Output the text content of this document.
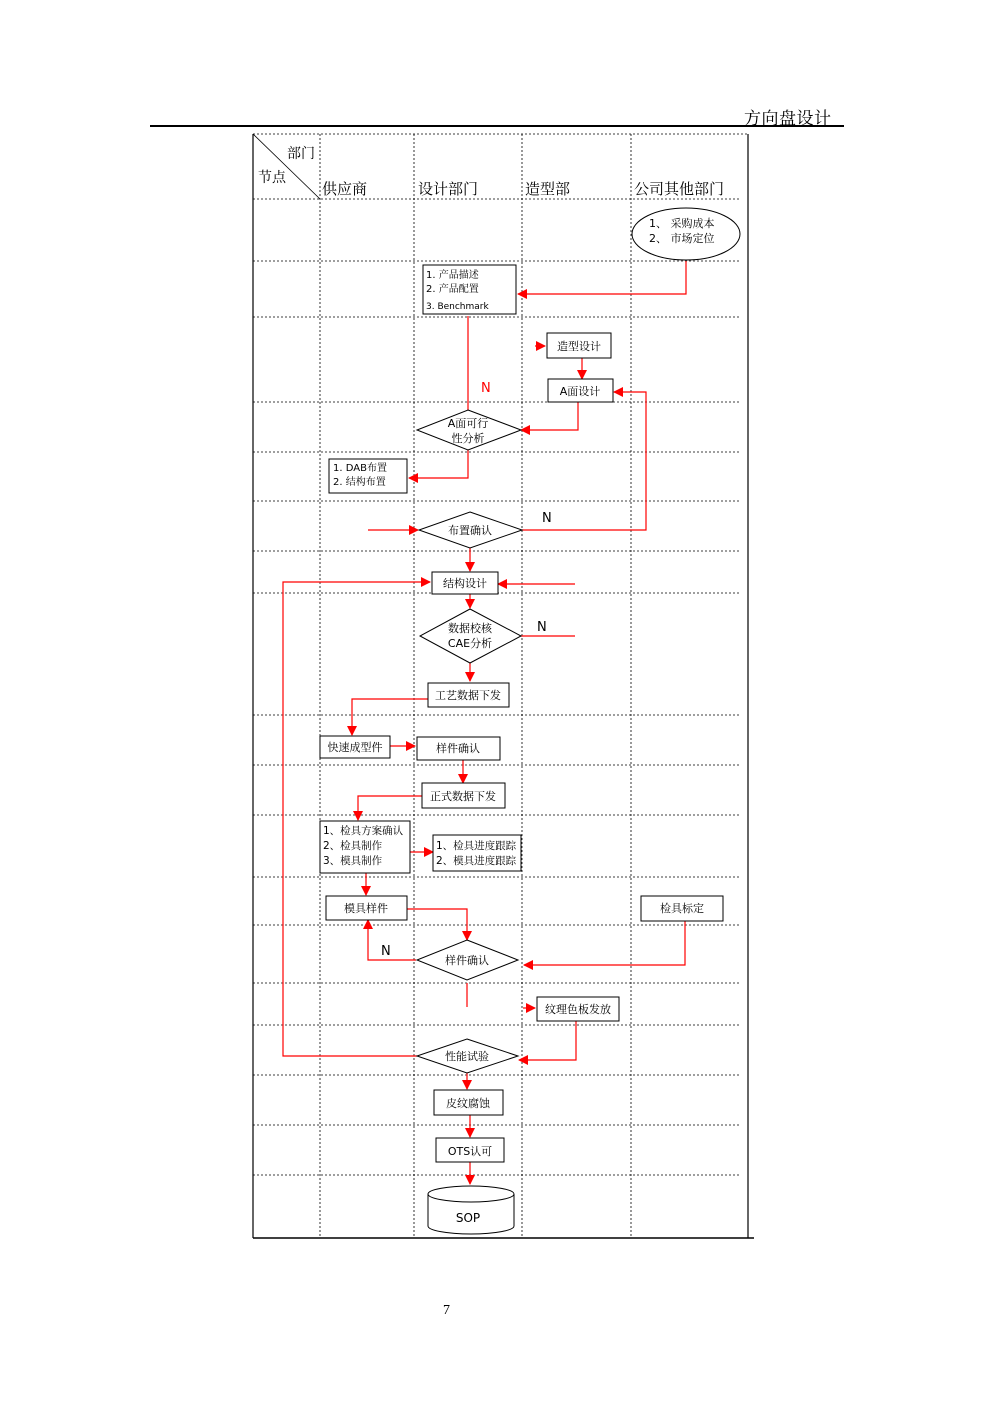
方向盘设计
部门
节点
供应商	设计部门	造型部	公司其他部门
1、 采购成本
2、 市场定位
1. 产品描述
2. 产品配置
3. Benchmark
造型设计
A面设计
A面可行
性分析
1. DAB布置
2. 结构布置
布置确认
结构设计
数据校核
CAE分析
工艺数据下发
快速成型件	样件确认
正式数据下发
1、检具方案确认
2、检具制作
3、模具制作
1、检具进度跟踪
2、模具进度跟踪
模具样件	检具标定
样件确认
纹理色板发放
性能试验
皮纹腐蚀
OTS认可
SOP
N
N
N
N
7
